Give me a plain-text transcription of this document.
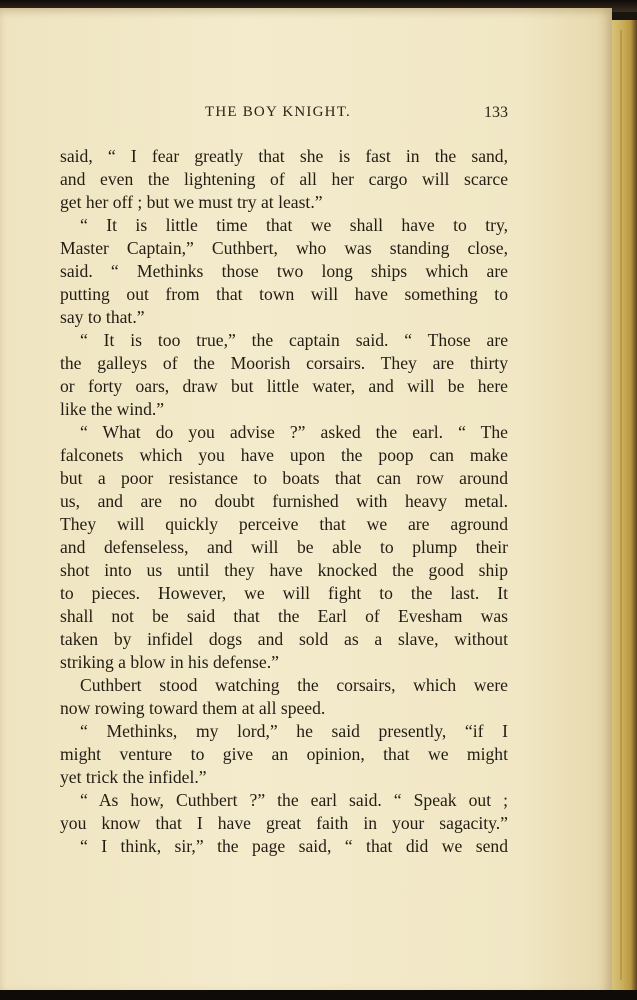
THE BOY KNIGHT.	133
said, “ I fear greatly that she is fast in the sand,
and even the lightening of all her cargo will scarce
get her off ; but we must try at least.”
“ It is little time that we shall have to try,
Master Captain,” Cuthbert, who was standing close,
said. “ Methinks those two long ships which are
putting out from that town will have something to
say to that.”
“ It is too true,” the captain said. “ Those are
the galleys of the Moorish corsairs. They are thirty
or forty oars, draw but little water, and will be here
like the wind.”
“ What do you advise ?” asked the earl. “ The
falconets which you have upon the poop can make
but a poor resistance to boats that can row around
us, and are no doubt furnished with heavy metal.
They will quickly perceive that we are aground
and defenseless, and will be able to plump their
shot into us until they have knocked the good ship
to pieces. However, we will fight to the last. It
shall not be said that the Earl of Evesham was
taken by infidel dogs and sold as a slave, without
striking a blow in his defense.”
Cuthbert stood watching the corsairs, which were
now rowing toward them at all speed.
“ Methinks, my lord,” he said presently, “if I
might venture to give an opinion, that we might
yet trick the infidel.”
“ As how, Cuthbert ?” the earl said. “ Speak out ;
you know that I have great faith in your sagacity.”
“ I think, sir,” the page said, “ that did we send
